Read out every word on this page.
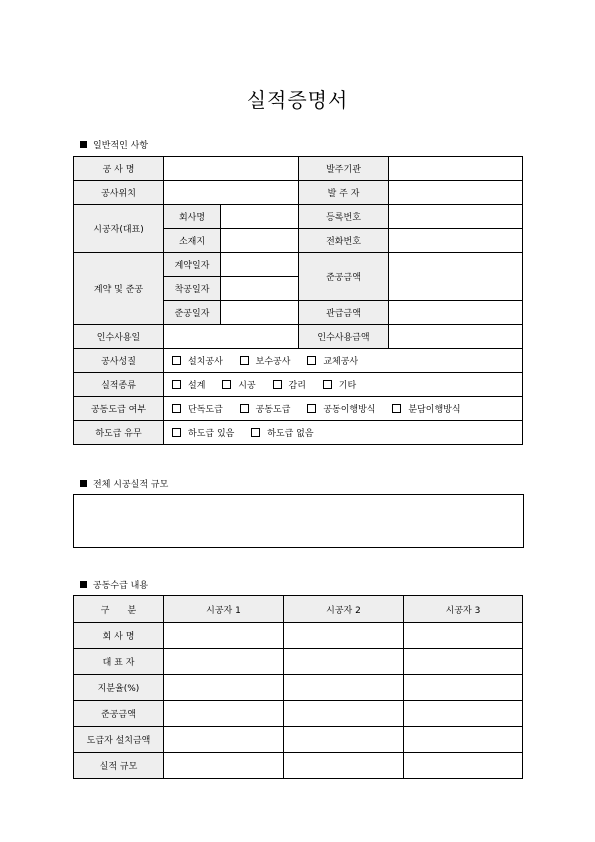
실적증명서
일반적인 사항
공 사 명			발주기관	
공사위치			발 주 자	
시공자(대표)	회사명		등록번호	
	소재지		전화번호	
계약 및 준공	계약일자		준공금액	
	착공일자			
	준공일자		관급금액	
인수사용일			인수사용금액	
공사성질	설치공사 보수공사 교체공사			
실적종류	설계 시공 감리 기타			
공동도급 여부	단독도급 공동도급 공동이행방식 분담이행방식			
하도급 유무	하도급 있음 하도급 없음			
전체 시공실적 규모
공동수급 내용
구　　분	시공자 1	시공자 2	시공자 3
회 사 명			
대 표 자			
지분율(%)			
준공금액			
도급자 설치금액			
실적 규모			
